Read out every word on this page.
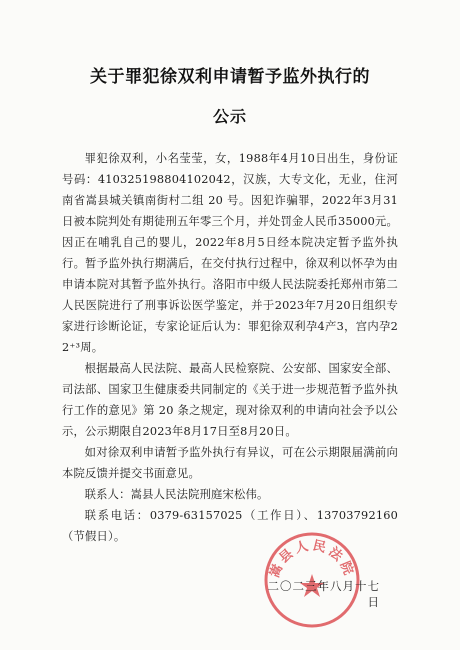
关于罪犯徐双利申请暂予监外执行的
公示

罪犯徐双利，小名莹莹，女，1988年4月10日出生，身份证号码：410325198804102042，汉族，大专文化，无业，住河南省嵩县城关镇南街村二组 20 号。因犯诈骗罪，2022年3月31日被本院判处有期徒刑五年零三个月，并处罚金人民币35000元。因正在哺乳自己的婴儿，2022年8月5日经本院决定暂予监外执行。暂予监外执行期满后，在交付执行过程中，徐双利以怀孕为由申请本院对其暂予监外执行。洛阳市中级人民法院委托郑州市第二人民医院进行了刑事诉讼医学鉴定，并于2023年7月20日组织专家进行诊断论证，专家论证后认为：罪犯徐双利孕4产3，宫内孕22⁺³周。

根据最高人民法院、最高人民检察院、公安部、国家安全部、司法部、国家卫生健康委共同制定的《关于进一步规范暂予监外执行工作的意见》第 20 条之规定，现对徐双利的申请向社会予以公示，公示期限自2023年8月17日至8月20日。

如对徐双利申请暂予监外执行有异议，可在公示期限届满前向本院反馈并提交书面意见。

联系人：嵩县人民法院刑庭宋松伟。

联系电话：0379-63157025（工作日）、13703792160（节假日）。

嵩县人民法院
二〇二三年八月十七日
